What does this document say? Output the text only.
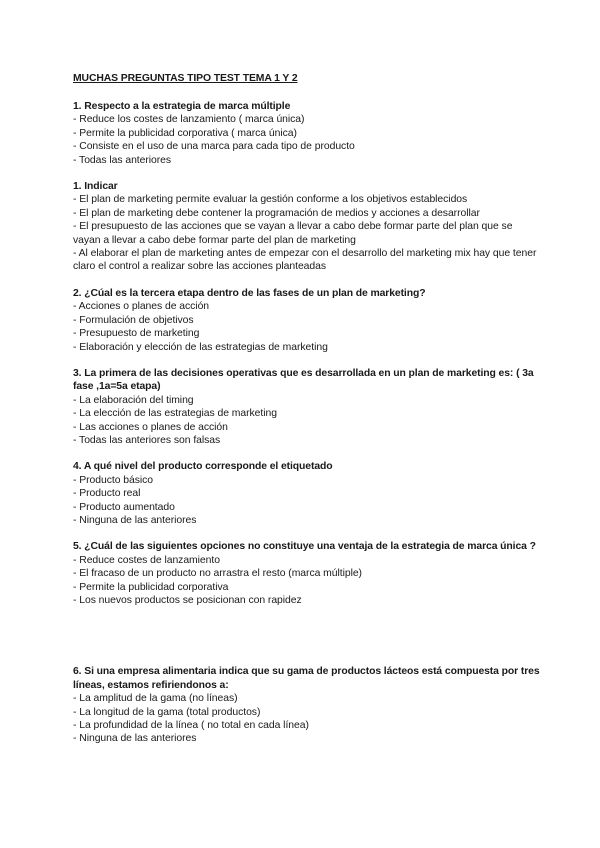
MUCHAS PREGUNTAS TIPO TEST TEMA 1 Y 2
1. Respecto a la estrategia de marca múltiple
- Reduce los costes de lanzamiento ( marca única)
- Permite la publicidad corporativa ( marca única)
- Consiste en el uso de una marca para cada tipo de producto
- Todas las anteriores
1. Indicar
- El plan de marketing permite evaluar la gestión conforme a los objetivos establecidos
- El plan de marketing debe contener la programación de medios y acciones a desarrollar
- El presupuesto de las acciones que se vayan a llevar a cabo debe formar parte del plan que se vayan a llevar a cabo debe formar parte del plan de marketing
- Al elaborar el plan de marketing antes de empezar con el desarrollo del marketing mix hay que tener claro el control a realizar sobre las acciones planteadas
2. ¿Cúal es la tercera etapa dentro de las fases de un plan de marketing?
- Acciones o planes de acción
- Formulación de objetivos
- Presupuesto de marketing
- Elaboración y elección de las estrategias de marketing
3. La primera de las decisiones operativas que es desarrollada en un plan de marketing es: ( 3a fase ,1a=5a etapa)
- La elaboración del timing
- La elección de las estrategias de marketing
- Las acciones o planes de acción
- Todas las anteriores son falsas
4. A qué nivel del producto corresponde el etiquetado
- Producto básico
- Producto real
- Producto aumentado
- Ninguna de las anteriores
5. ¿Cuál de las siguientes opciones no constituye una ventaja de la estrategia de marca única ?
- Reduce costes de lanzamiento
- El fracaso de un producto no arrastra el resto (marca múltiple)
- Permite la publicidad corporativa
- Los nuevos productos se posicionan con rapidez
6. Si una empresa alimentaria indica que su gama de productos lácteos está compuesta por tres líneas, estamos refiriendonos a:
- La amplitud de la gama (no líneas)
- La longitud de la gama (total productos)
- La profundidad de la línea ( no total en cada línea)
- Ninguna de las anteriores
